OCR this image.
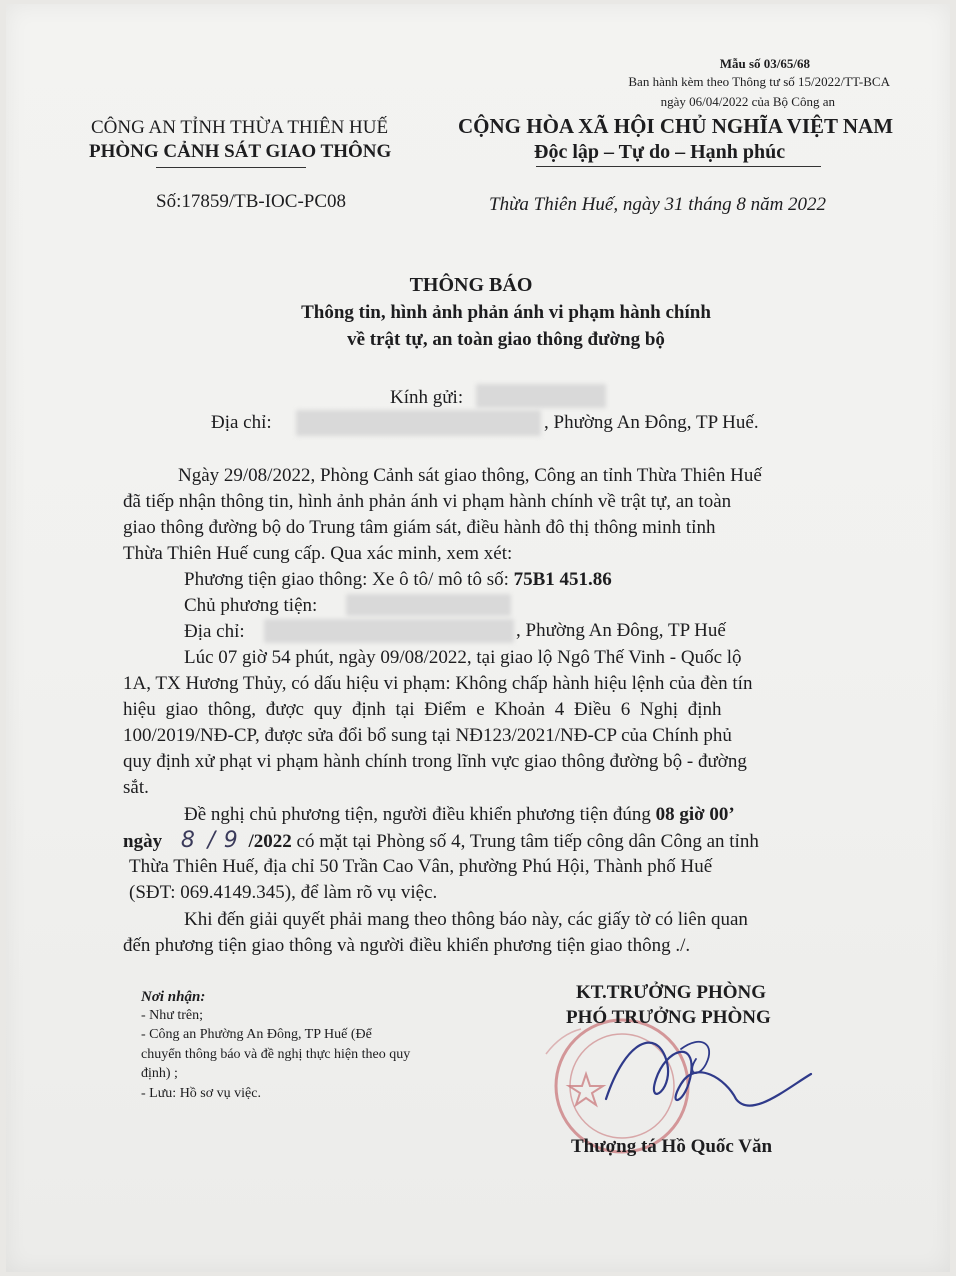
Mẫu số 03/65/68
Ban hành kèm theo Thông tư số 15/2022/TT-BCA
ngày 06/04/2022 của Bộ Công an
CÔNG AN TỈNH THỪA THIÊN HUẾ
PHÒNG CẢNH SÁT GIAO THÔNG
CỘNG HÒA XÃ HỘI CHỦ NGHĨA VIỆT NAM
Độc lập – Tự do – Hạnh phúc
Số:17859/TB-IOC-PC08	Thừa Thiên Huế, ngày 31 tháng 8 năm 2022
THÔNG BÁO
Thông tin, hình ảnh phản ánh vi phạm hành chính
về trật tự, an toàn giao thông đường bộ
Kính gửi:
Địa chỉ:	, Phường An Đông, TP Huế.
Ngày 29/08/2022, Phòng Cảnh sát giao thông, Công an tỉnh Thừa Thiên Huế
đã tiếp nhận thông tin, hình ảnh phản ánh vi phạm hành chính về trật tự, an toàn
giao thông đường bộ do Trung tâm giám sát, điều hành đô thị thông minh tỉnh
Thừa Thiên Huế cung cấp. Qua xác minh, xem xét:
Phương tiện giao thông: Xe ô tô/ mô tô số: 75B1 451.86
Chủ phương tiện:
Địa chỉ:	, Phường An Đông, TP Huế
Lúc 07 giờ 54 phút, ngày 09/08/2022, tại giao lộ Ngô Thế Vinh - Quốc lộ
1A, TX Hương Thủy, có dấu hiệu vi phạm: Không chấp hành hiệu lệnh của đèn tín
hiệu giao thông, được quy định tại Điểm e Khoản 4 Điều 6 Nghị định
100/2019/NĐ-CP, được sửa đổi bổ sung tại NĐ123/2021/NĐ-CP của Chính phủ
quy định xử phạt vi phạm hành chính trong lĩnh vực giao thông đường bộ - đường
sắt.
Đề nghị chủ phương tiện, người điều khiển phương tiện đúng 08 giờ 00’
ngày 8 / 9 /2022 có mặt tại Phòng số 4, Trung tâm tiếp công dân Công an tỉnh
Thừa Thiên Huế, địa chỉ 50 Trần Cao Vân, phường Phú Hội, Thành phố Huế
(SĐT: 069.4149.345), để làm rõ vụ việc.
Khi đến giải quyết phải mang theo thông báo này, các giấy tờ có liên quan
đến phương tiện giao thông và người điều khiển phương tiện giao thông ./.
Nơi nhận:
- Như trên;
- Công an Phường An Đông, TP Huế (Để
chuyển thông báo và đề nghị thực hiện theo quy
định) ;
- Lưu: Hồ sơ vụ việc.
KT.TRƯỞNG PHÒNG
PHÓ TRƯỞNG PHÒNG
Thượng tá Hồ Quốc Văn
